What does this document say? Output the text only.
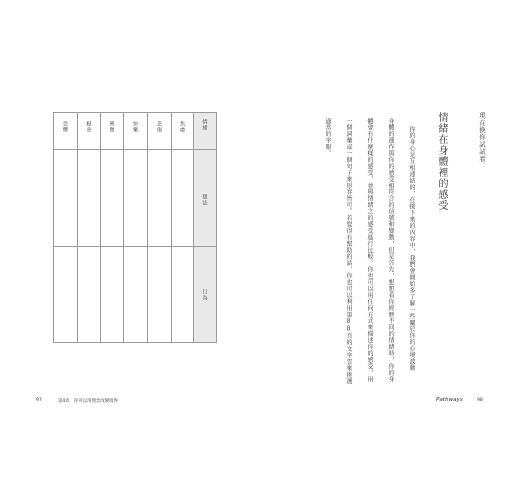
恐懼	厭惡	興奮	快樂	悲傷	焦慮	情緒
想法
行為
97	第4章 你可以用理念改變境界
現在換你試試看：
情緒在身體裡的感受
你的身心是互相連結的，在接下來的內容中，我們會開始多了解一些關於你的心境波動
身體的運作與你的感受相符合的信號和變動，但是首先，想想看你經歷不同的情緒時，你的身
體會有什麼樣的感受，並與情緒之的感受進行比較。你也可以用任何方式來描述你的感受，用
一個詞彙或一個句子來形容皆可。若覺得有幫助的話，你也可以利用第88頁的文字雲來挑選
適當的字眼。
Pathways	98
